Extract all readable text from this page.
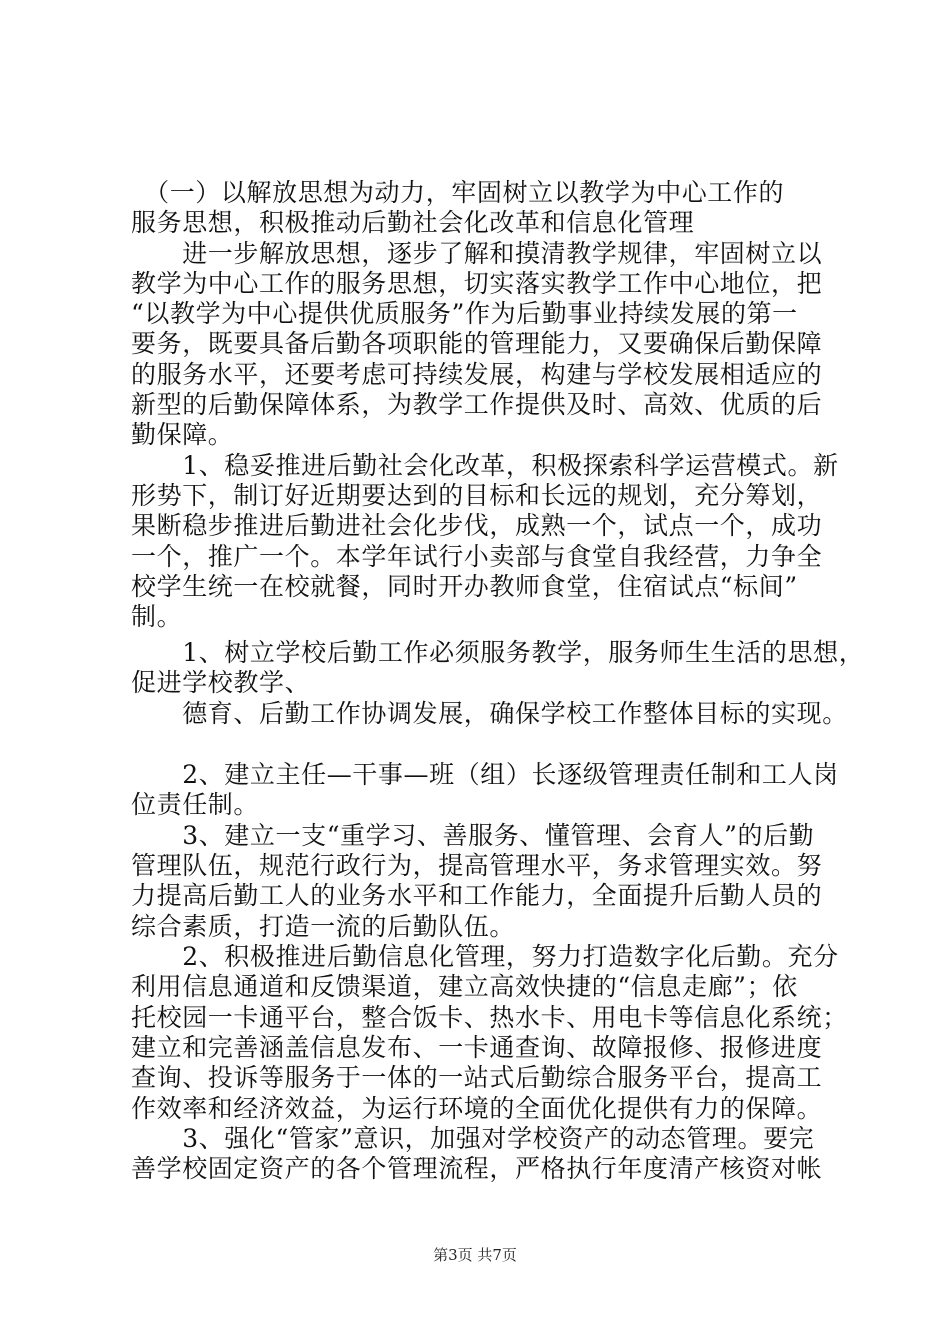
　（一）以解放思想为动力，牢固树立以教学为中心工作的

服务思想，积极推动后勤社会化改革和信息化管理

　　进一步解放思想，逐步了解和摸清教学规律，牢固树立以

教学为中心工作的服务思想，切实落实教学工作中心地位，把

“以教学为中心提供优质服务”作为后勤事业持续发展的第一

要务，既要具备后勤各项职能的管理能力，又要确保后勤保障

的服务水平，还要考虑可持续发展，构建与学校发展相适应的

新型的后勤保障体系，为教学工作提供及时、高效、优质的后

勤保障。

　　1、稳妥推进后勤社会化改革，积极探索科学运营模式。新

形势下，制订好近期要达到的目标和长远的规划，充分筹划，

果断稳步推进后勤进社会化步伐，成熟一个，试点一个，成功

一个，推广一个。本学年试行小卖部与食堂自我经营，力争全

校学生统一在校就餐，同时开办教师食堂，住宿试点“标间”

制。

　　1、树立学校后勤工作必须服务教学，服务师生生活的思想，

促进学校教学、

　　德育、后勤工作协调发展，确保学校工作整体目标的实现。

　　2、建立主任—干事—班（组）长逐级管理责任制和工人岗

位责任制。

　　3、建立一支“重学习、善服务、懂管理、会育人”的后勤

管理队伍，规范行政行为，提高管理水平，务求管理实效。努

力提高后勤工人的业务水平和工作能力，全面提升后勤人员的

综合素质，打造一流的后勤队伍。

　　2、积极推进后勤信息化管理，努力打造数字化后勤。充分

利用信息通道和反馈渠道，建立高效快捷的“信息走廊”；依

托校园一卡通平台，整合饭卡、热水卡、用电卡等信息化系统；

建立和完善涵盖信息发布、一卡通查询、故障报修、报修进度

查询、投诉等服务于一体的一站式后勤综合服务平台，提高工

作效率和经济效益，为运行环境的全面优化提供有力的保障。

　　3、强化“管家”意识，加强对学校资产的动态管理。要完

善学校固定资产的各个管理流程，严格执行年度清产核资对帐

第3页 共7页
